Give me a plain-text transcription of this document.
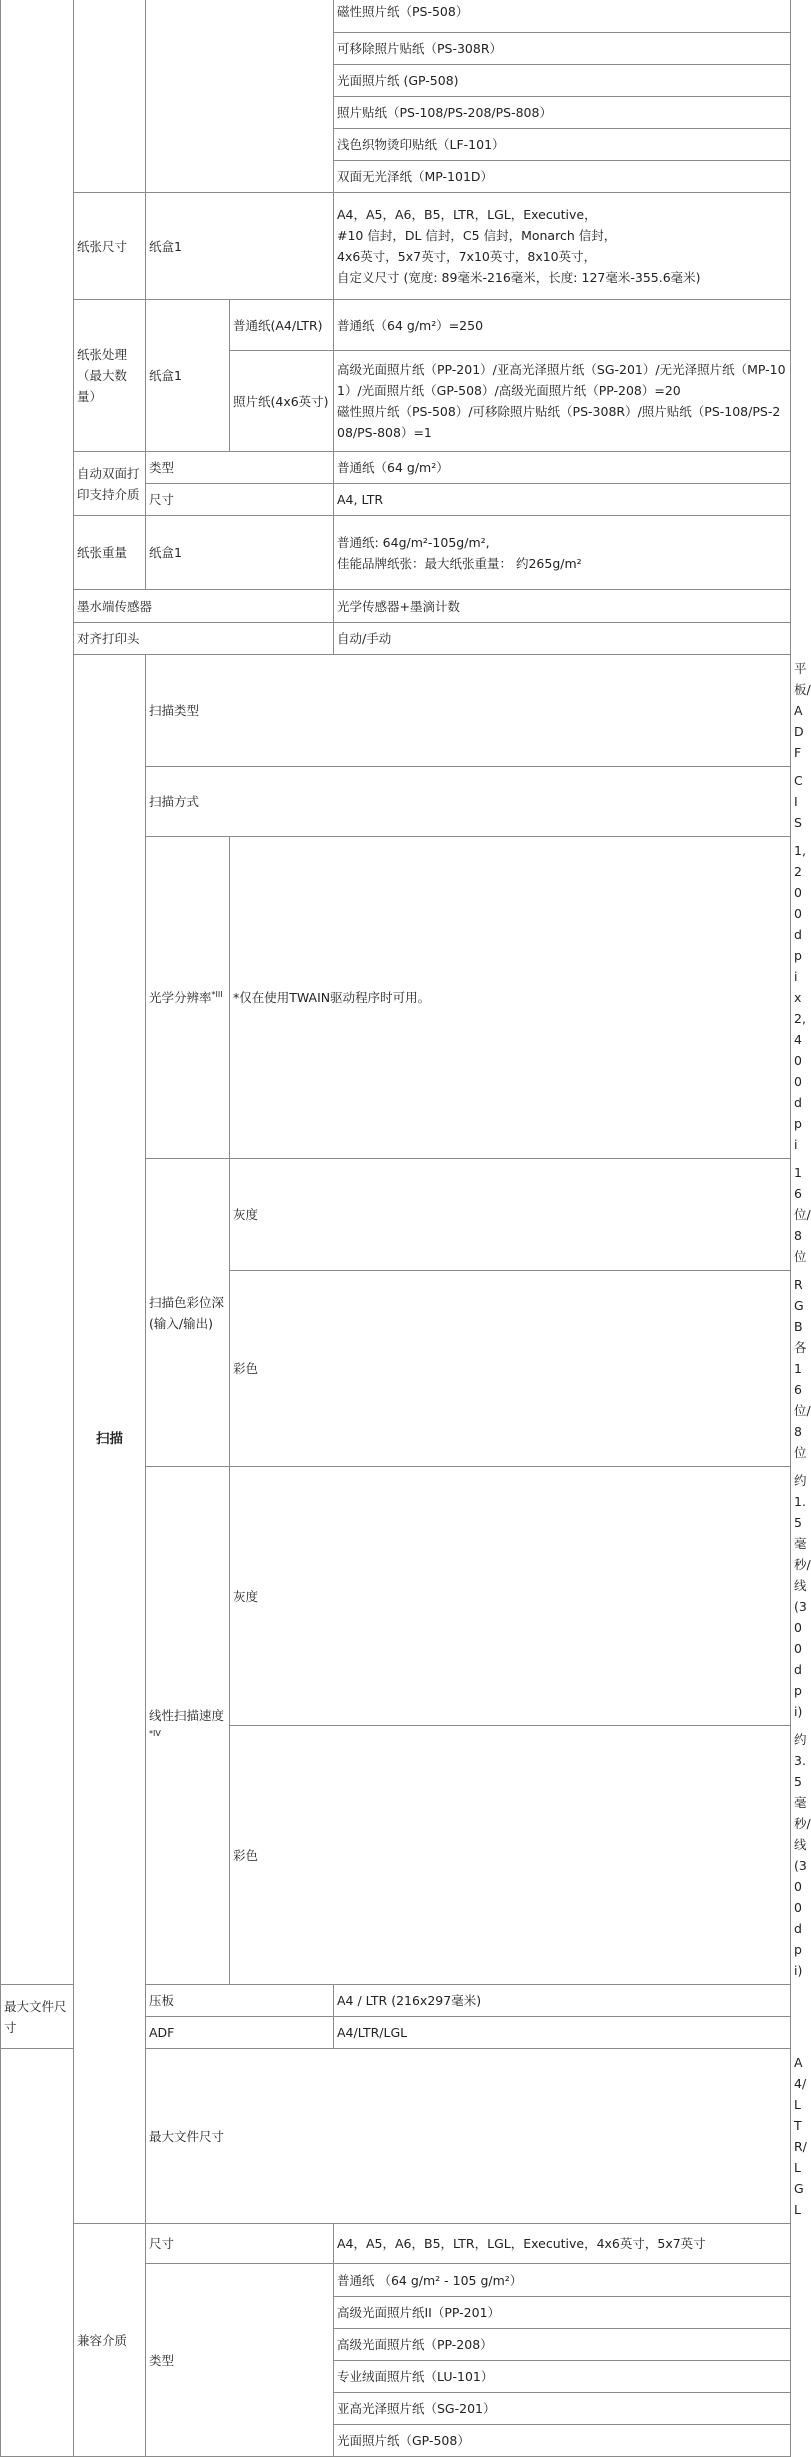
				磁性照片纸（PS-508）	
				可移除照片贴纸（PS-308R）	
				光面照片纸 (GP-508)	
				照片贴纸（PS-108/PS-208/PS-808）	
				浅色织物烫印贴纸（LF-101）	
				双面无光泽纸（MP-101D）	
	纸张尺寸	纸盒1		A4，A5，A6，B5，LTR，LGL，Executive，
#10 信封，DL 信封，C5 信封，Monarch 信封，
4x6英寸，5x7英寸，7x10英寸，8x10英寸，
自定义尺寸 (宽度: 89毫米-216毫米，长度: 127毫米-355.6毫米)	

	纸张处理（最大数量）	纸盒1	普通纸(A4/LTR)	普通纸（64 g/m²）=250	
			照片纸(4x6英寸)	高级光面照片纸（PP-201）/亚高光泽照片纸（SG-201）/无光泽照片纸（MP-101）/光面照片纸（GP-508）/高级光面照片纸（PP-208）=20
磁性照片纸（PS-508）/可移除照片贴纸（PS-308R）/照片贴纸（PS-108/PS-208/PS-808）=1	

	自动双面打印支持介质	类型		普通纸（64 g/m²）	
		尺寸		A4, LTR	
	纸张重量	纸盒1		普通纸: 64g/m²-105g/m²,
佳能品牌纸张：最大纸张重量： 约265g/m²	

	墨水端传感器			光学传感器+墨滴计数	
	对齐打印头			自动/手动	
	扫描	扫描类型			平板/ADF
		扫描方式			CIS
		光学分辨率$^{*III}$	*仅在使用TWAIN驱动程序时可用。		1,200dpi x 2,400dpi
		扫描色彩位深 (输入/输出)	灰度		16位/8位
			彩色		RGB各16位/8位
		线性扫描速度$^{*IV}$	灰度		约1.5 毫秒/线 (300dpi)
			彩色		约3.5 毫秒/线 (300dpi)
最大文件尺寸		压板		A4 / LTR (216x297毫米)	
		ADF		A4/LTR/LGL	
		最大文件尺寸			A4/LTR/LGL
	兼容介质	尺寸		A4，A5，A6，B5，LTR，LGL，Executive，4x6英寸，5x7英寸	
		类型		普通纸 （64 g/m² - 105 g/m²）	
				高级光面照片纸II（PP-201）	
				高级光面照片纸（PP-208）	
				专业绒面照片纸（LU-101）	
				亚高光泽照片纸（SG-201）	
				光面照片纸（GP-508）	
